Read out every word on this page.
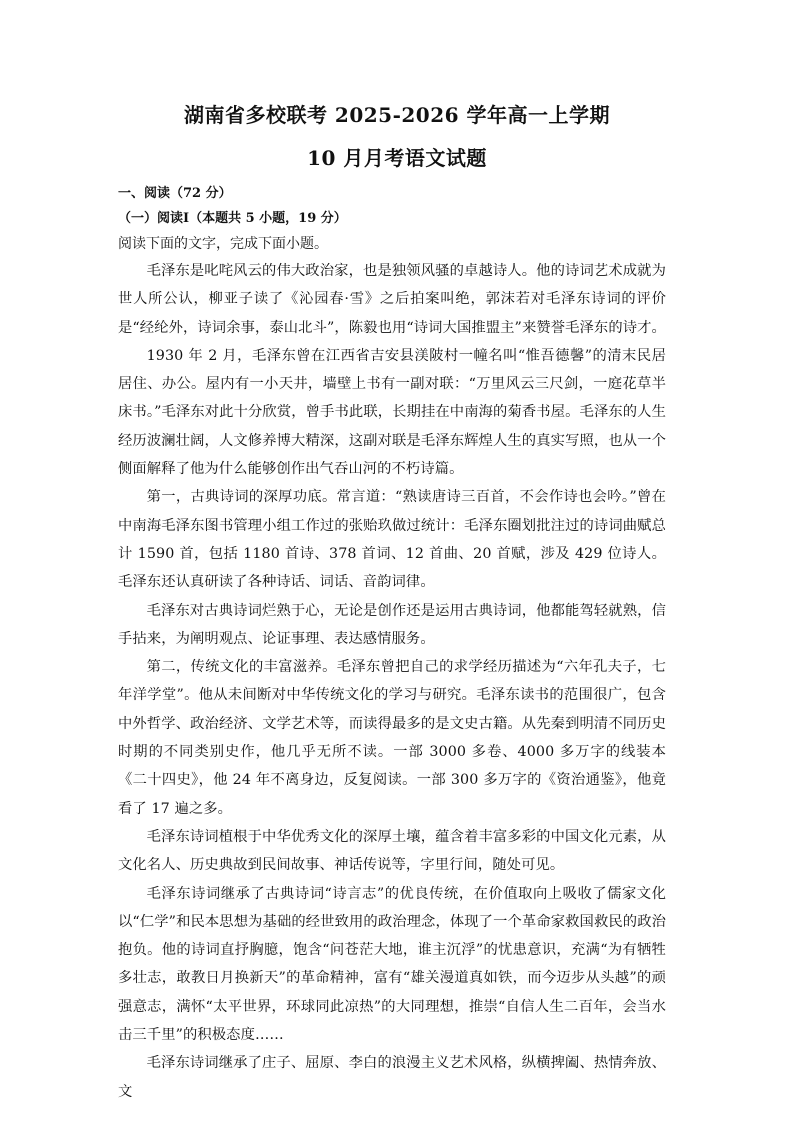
湖南省多校联考 2025-2026 学年高一上学期
10 月月考语文试题
一、阅读（72 分）
（一）阅读Ⅰ（本题共 5 小题，19 分）
阅读下面的文字，完成下面小题。

毛泽东是叱咤风云的伟大政治家，也是独领风骚的卓越诗人。他的诗词艺术成就为世人所公认，柳亚子读了《沁园春·雪》之后拍案叫绝，郭沫若对毛泽东诗词的评价是“经纶外，诗词余事，泰山北斗”，陈毅也用“诗词大国推盟主”来赞誉毛泽东的诗才。

1930 年 2 月，毛泽东曾在江西省吉安县渼陂村一幢名叫“惟吾德馨”的清末民居居住、办公。屋内有一小天井，墙壁上书有一副对联：“万里风云三尺剑，一庭花草半床书。”毛泽东对此十分欣赏，曾手书此联，长期挂在中南海的菊香书屋。毛泽东的人生经历波澜壮阔，人文修养博大精深，这副对联是毛泽东辉煌人生的真实写照，也从一个侧面解释了他为什么能够创作出气吞山河的不朽诗篇。

第一，古典诗词的深厚功底。常言道：“熟读唐诗三百首，不会作诗也会吟。”曾在中南海毛泽东图书管理小组工作过的张贻玖做过统计：毛泽东圈划批注过的诗词曲赋总计 1590 首，包括 1180 首诗、378 首词、12 首曲、20 首赋，涉及 429 位诗人。毛泽东还认真研读了各种诗话、词话、音韵词律。

毛泽东对古典诗词烂熟于心，无论是创作还是运用古典诗词，他都能驾轻就熟，信手拈来，为阐明观点、论证事理、表达感情服务。

第二，传统文化的丰富滋养。毛泽东曾把自己的求学经历描述为“六年孔夫子，七年洋学堂”。他从未间断对中华传统文化的学习与研究。毛泽东读书的范围很广，包含中外哲学、政治经济、文学艺术等，而读得最多的是文史古籍。从先秦到明清不同历史时期的不同类别史作，他几乎无所不读。一部 3000 多卷、4000 多万字的线装本《二十四史》，他 24 年不离身边，反复阅读。一部 300 多万字的《资治通鉴》，他竟看了 17 遍之多。

毛泽东诗词植根于中华优秀文化的深厚土壤，蕴含着丰富多彩的中国文化元素，从文化名人、历史典故到民间故事、神话传说等，字里行间，随处可见。

毛泽东诗词继承了古典诗词“诗言志”的优良传统，在价值取向上吸收了儒家文化以“仁学”和民本思想为基础的经世致用的政治理念，体现了一个革命家救国救民的政治抱负。他的诗词直抒胸臆，饱含“问苍茫大地，谁主沉浮”的忧患意识，充满“为有牺牲多壮志，敢教日月换新天”的革命精神，富有“雄关漫道真如铁，而今迈步从头越”的顽强意志，满怀“太平世界，环球同此凉热”的大同理想，推崇“自信人生二百年，会当水击三千里”的积极态度……

毛泽东诗词继承了庄子、屈原、李白的浪漫主义艺术风格，纵横捭阖、热情奔放、文
